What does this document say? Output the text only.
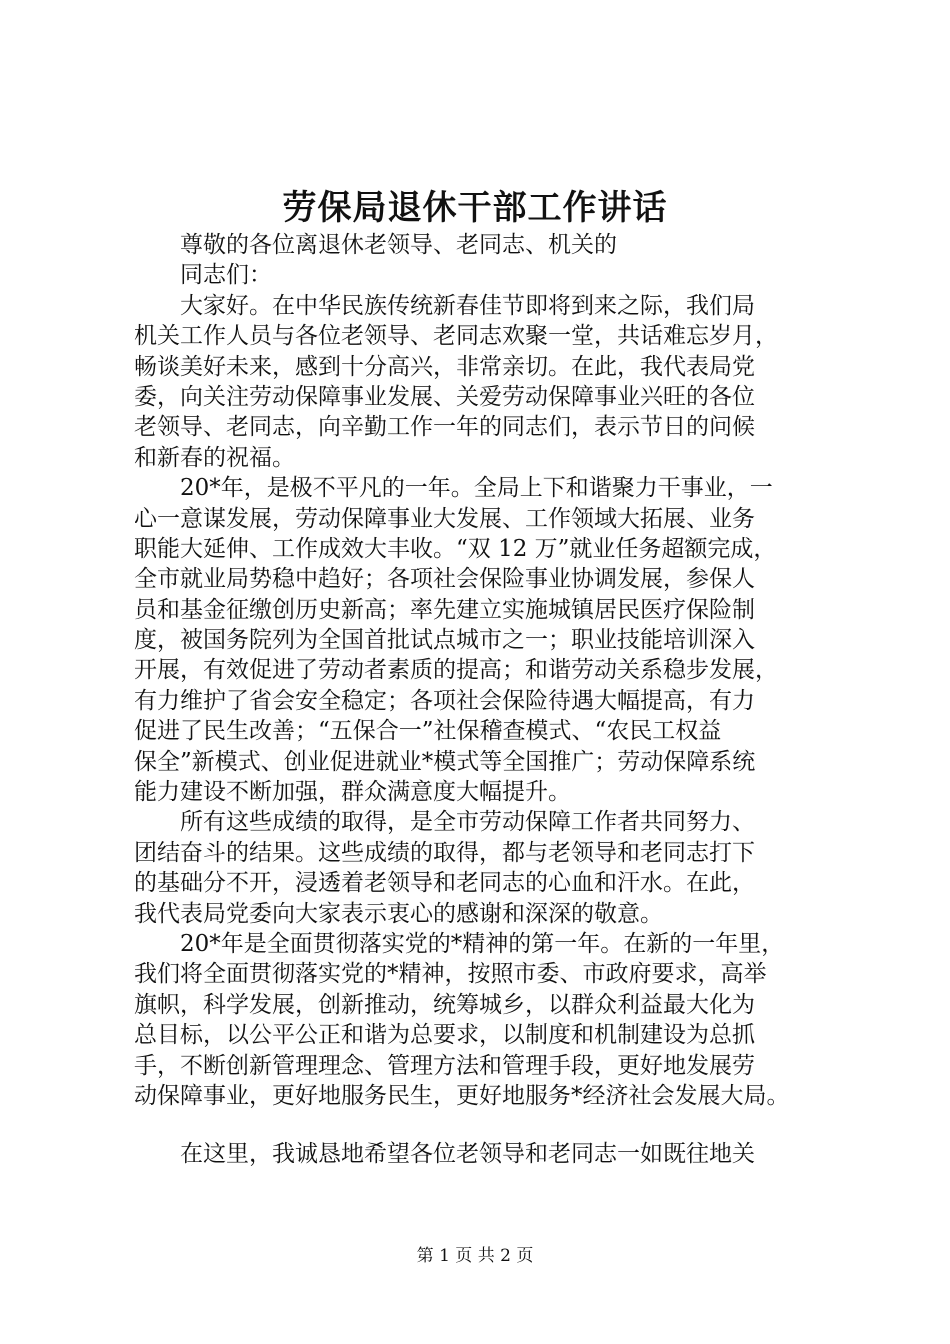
劳保局退休干部工作讲话
尊敬的各位离退休老领导、老同志、机关的
同志们：
大家好。在中华民族传统新春佳节即将到来之际，我们局
机关工作人员与各位老领导、老同志欢聚一堂，共话难忘岁月，
畅谈美好未来，感到十分高兴，非常亲切。在此，我代表局党
委，向关注劳动保障事业发展、关爱劳动保障事业兴旺的各位
老领导、老同志，向辛勤工作一年的同志们，表示节日的问候
和新春的祝福。
20*年，是极不平凡的一年。全局上下和谐聚力干事业，一
心一意谋发展，劳动保障事业大发展、工作领域大拓展、业务
职能大延伸、工作成效大丰收。“双 12 万”就业任务超额完成，
全市就业局势稳中趋好；各项社会保险事业协调发展，参保人
员和基金征缴创历史新高；率先建立实施城镇居民医疗保险制
度，被国务院列为全国首批试点城市之一；职业技能培训深入
开展，有效促进了劳动者素质的提高；和谐劳动关系稳步发展，
有力维护了省会安全稳定；各项社会保险待遇大幅提高，有力
促进了民生改善；“五保合一”社保稽查模式、“农民工权益
保全”新模式、创业促进就业*模式等全国推广；劳动保障系统
能力建设不断加强，群众满意度大幅提升。
所有这些成绩的取得，是全市劳动保障工作者共同努力、
团结奋斗的结果。这些成绩的取得，都与老领导和老同志打下
的基础分不开，浸透着老领导和老同志的心血和汗水。在此，
我代表局党委向大家表示衷心的感谢和深深的敬意。
20*年是全面贯彻落实党的*精神的第一年。在新的一年里，
我们将全面贯彻落实党的*精神，按照市委、市政府要求，高举
旗帜，科学发展，创新推动，统筹城乡，以群众利益最大化为
总目标，以公平公正和谐为总要求，以制度和机制建设为总抓
手，不断创新管理理念、管理方法和管理手段，更好地发展劳
动保障事业，更好地服务民生，更好地服务*经济社会发展大局。
在这里，我诚恳地希望各位老领导和老同志一如既往地关
第 1 页 共 2 页
